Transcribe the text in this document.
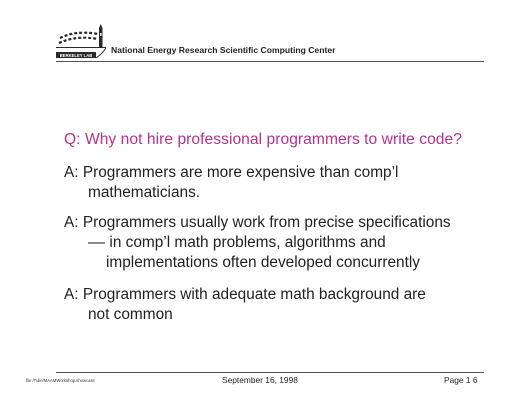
BERKELEY LAB
National Energy Research Scientific Computing Center
Q: Why not hire professional programmers to write code?
A: Programmers are more expensive than comp’l
mathematicians.
A: Programmers usually work from precise specifications
–– in comp’l math problems, algorithms and
implementations often developed concurrently
A: Programmers with adequate math background are
not common
file:/Tulie/MAAMWorkshop.showcase	September 16, 1998	Page 1 6
